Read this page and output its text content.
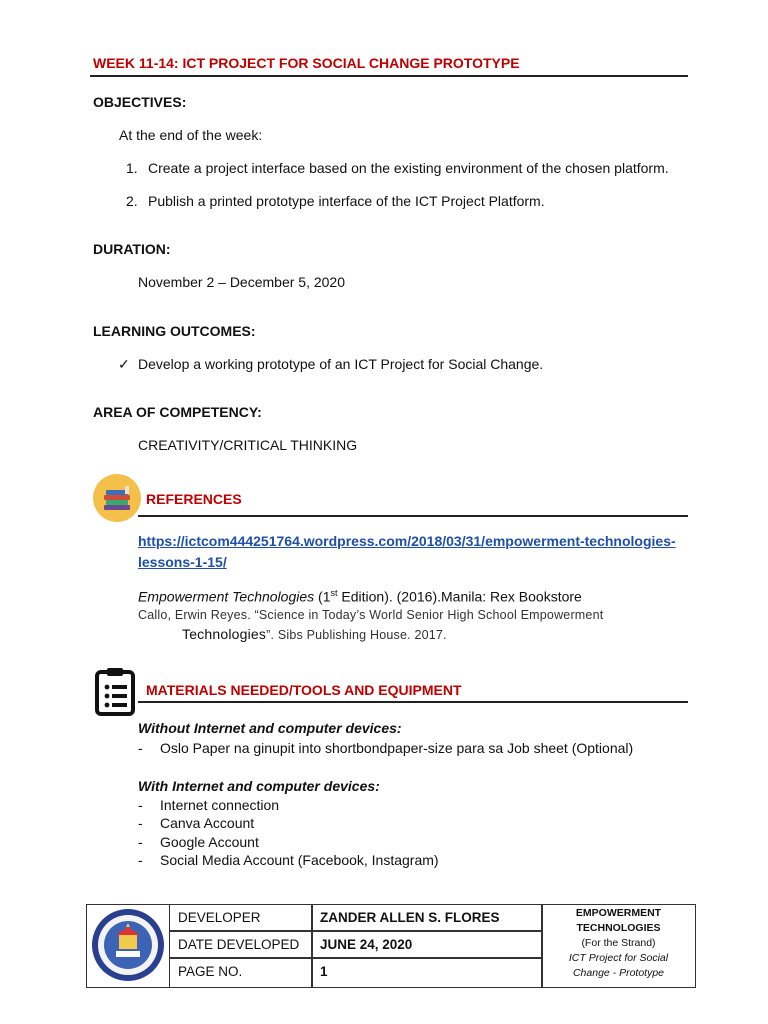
WEEK 11-14: ICT PROJECT FOR SOCIAL CHANGE PROTOTYPE
OBJECTIVES:
At the end of the week:
1. Create a project interface based on the existing environment of the chosen platform.
2. Publish a printed prototype interface of the ICT Project Platform.
DURATION:
November 2 – December 5, 2020
LEARNING OUTCOMES:
✓ Develop a working prototype of an ICT Project for Social Change.
AREA OF COMPETENCY:
CREATIVITY/CRITICAL THINKING
REFERENCES
https://ictcom444251764.wordpress.com/2018/03/31/empowerment-technologies-
lessons-1-15/
Empowerment Technologies (1st Edition). (2016).Manila: Rex Bookstore
Callo, Erwin Reyes. “Science in Today’s World Senior High School Empowerment
Technologies”. Sibs Publishing House. 2017.
MATERIALS NEEDED/TOOLS AND EQUIPMENT
Without Internet and computer devices:
- Oslo Paper na ginupit into shortbondpaper-size para sa Job sheet (Optional)
With Internet and computer devices:
- Internet connection
- Canva Account
- Google Account
- Social Media Account (Facebook, Instagram)
DEVELOPER	ZANDER ALLEN S. FLORES
DATE DEVELOPED JUNE 24, 2020
PAGE NO.	1
EMPOWERMENT
TECHNOLOGIES
(For the Strand)
ICT Project for Social
Change - Prototype
